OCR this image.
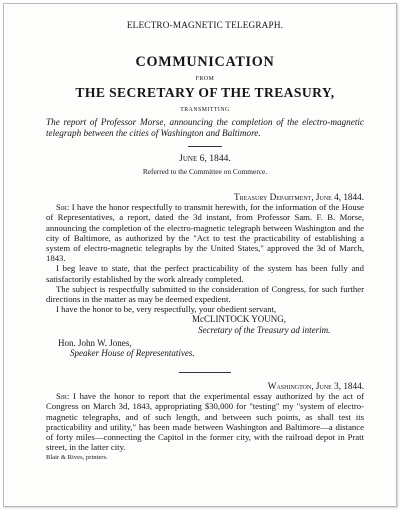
ELECTRO-MAGNETIC TELEGRAPH.
COMMUNICATION
FROM
THE SECRETARY OF THE TREASURY,
TRANSMITTING
The report of Professor Morse, announcing the completion of the electro-magnetic telegraph between the cities of Washington and Baltimore.
June 6, 1844.
Referred to the Committee on Commerce.
Treasury Department, June 4, 1844.
Sir: I have the honor respectfully to transmit herewith, for the information of the House of Representatives, a report, dated the 3d instant, from Professor Sam. F. B. Morse, announcing the completion of the electro-magnetic telegraph between Washington and the city of Baltimore, as authorized by the "Act to test the practicability of establishing a system of electro-magnetic telegraphs by the United States," approved the 3d of March, 1843.
I beg leave to state, that the perfect practicability of the system has been fully and satisfactorily established by the work already completed.
The subject is respectfully submitted to the consideration of Congress, for such further directions in the matter as may be deemed expedient.
I have the honor to be, very respectfully, your obedient servant,
McCLINTOCK YOUNG,
Secretary of the Treasury ad interim.
Hon. John W. Jones,
Speaker House of Representatives.
Washington, June 3, 1844.
Sir: I have the honor to report that the experimental essay authorized by the act of Congress on March 3d, 1843, appropriating $30,000 for "testing" my "system of electro-magnetic telegraphs, and of such length, and between such points, as shall test its practicability and utility," has been made between Washington and Baltimore—a distance of forty miles—connecting the Capitol in the former city, with the railroad depot in Pratt street, in the latter city.
Blair & Rives, printers.
